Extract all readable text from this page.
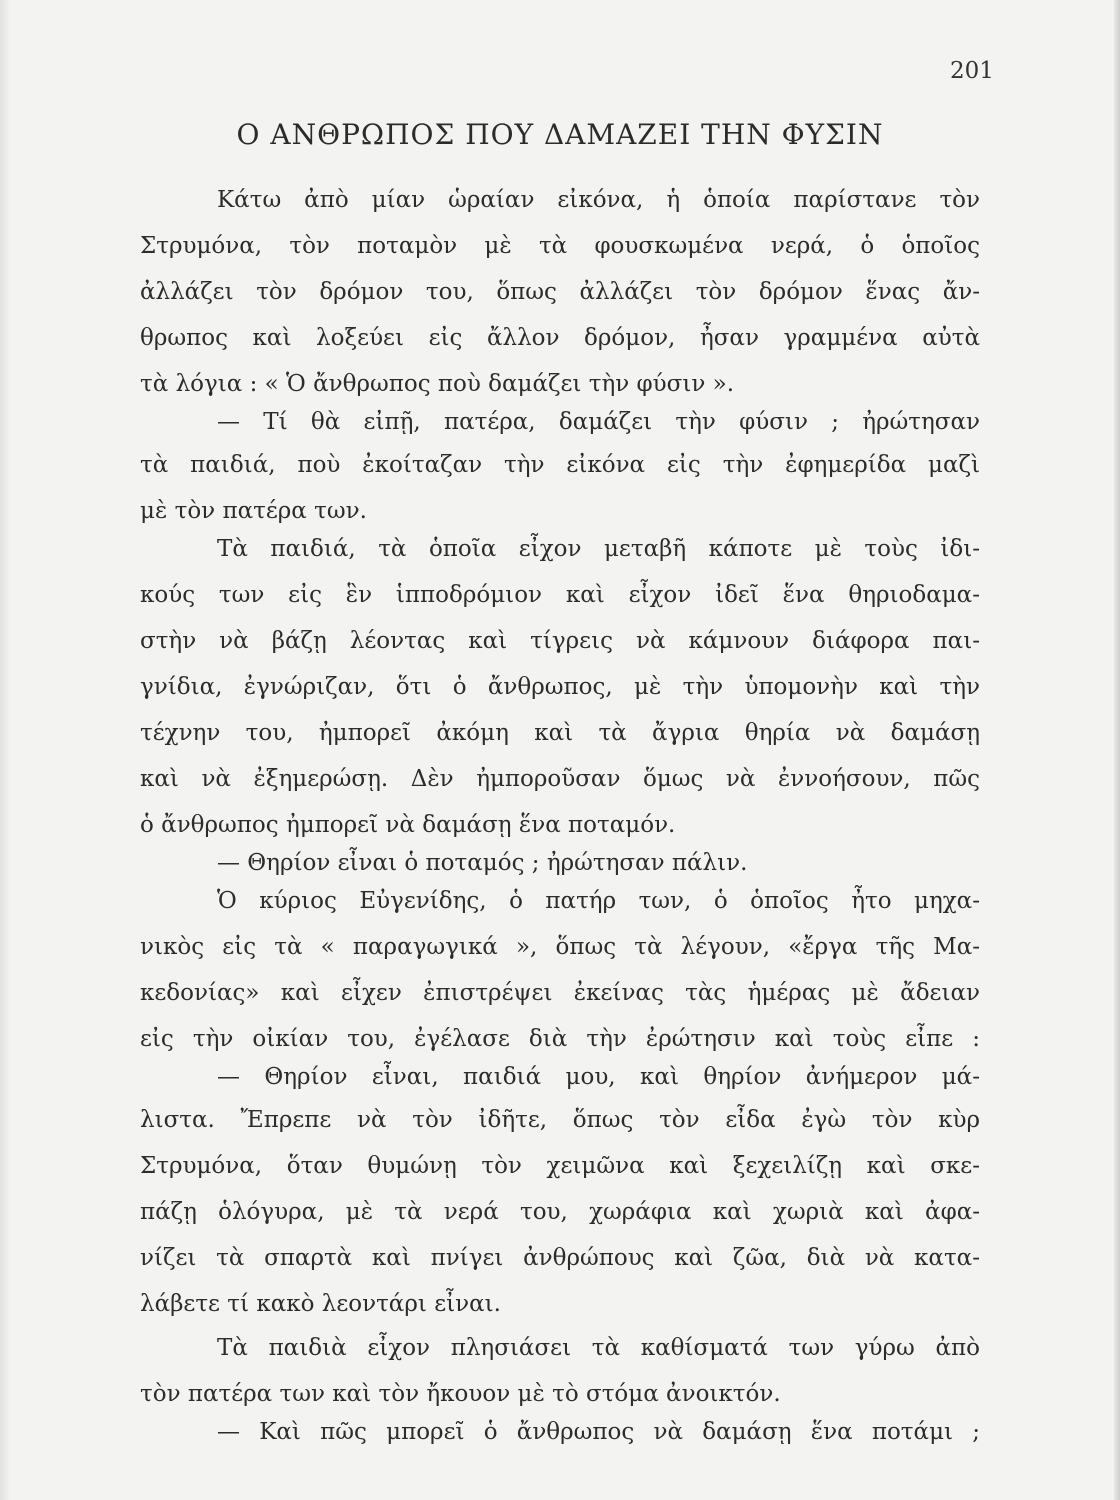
201
Ο ΑΝΘΡΩΠΟΣ ΠΟΥ ΔΑΜΑΖΕΙ ΤΗΝ ΦΥΣΙΝ
Κάτω ἀπὸ μίαν ὡραίαν εἰκόνα, ἡ ὁποία παρίστανε τὸν
Στρυμόνα, τὸν ποταμὸν μὲ τὰ φουσκωμένα νερά, ὁ ὁποῖος
ἀλλάζει τὸν δρόμον του, ὅπως ἀλλάζει τὸν δρόμον ἕνας ἄν-
θρωπος καὶ λοξεύει εἰς ἄλλον δρόμον, ἦσαν γραμμένα αὐτὰ
τὰ λόγια : « Ὁ ἄνθρωπος ποὺ δαμάζει τὴν φύσιν ».
— Τί θὰ εἰπῇ, πατέρα, δαμάζει τὴν φύσιν ; ἠρώτησαν
τὰ παιδιά, ποὺ ἐκοίταζαν τὴν εἰκόνα εἰς τὴν ἐφημερίδα μαζὶ
μὲ τὸν πατέρα των.
Τὰ παιδιά, τὰ ὁποῖα εἶχον μεταβῆ κάποτε μὲ τοὺς ἰδι-
κούς των εἰς ἓν ἱπποδρόμιον καὶ εἶχον ἰδεῖ ἕνα θηριοδαμα-
στὴν νὰ βάζῃ λέοντας καὶ τίγρεις νὰ κάμνουν διάφορα παι-
γνίδια, ἐγνώριζαν, ὅτι ὁ ἄνθρωπος, μὲ τὴν ὑπομονὴν καὶ τὴν
τέχνην του, ἠμπορεῖ ἀκόμη καὶ τὰ ἄγρια θηρία νὰ δαμάσῃ
καὶ νὰ ἐξημερώσῃ. Δὲν ἠμποροῦσαν ὅμως νὰ ἐννοήσουν, πῶς
ὁ ἄνθρωπος ἠμπορεῖ νὰ δαμάσῃ ἕνα ποταμόν.
— Θηρίον εἶναι ὁ ποταμός ; ἠρώτησαν πάλιν.
Ὁ κύριος Εὐγενίδης, ὁ πατήρ των, ὁ ὁποῖος ἦτο μηχα-
νικὸς εἰς τὰ « παραγωγικά », ὅπως τὰ λέγουν, «ἔργα τῆς Μα-
κεδονίας» καὶ εἶχεν ἐπιστρέψει ἐκείνας τὰς ἡμέρας μὲ ἄδειαν
εἰς τὴν οἰκίαν του, ἐγέλασε διὰ τὴν ἐρώτησιν καὶ τοὺς εἶπε :
— Θηρίον εἶναι, παιδιά μου, καὶ θηρίον ἀνήμερον μά-
λιστα. Ἔπρεπε νὰ τὸν ἰδῆτε, ὅπως τὸν εἶδα ἐγὼ τὸν κὺρ
Στρυμόνα, ὅταν θυμώνῃ τὸν χειμῶνα καὶ ξεχειλίζῃ καὶ σκε-
πάζῃ ὁλόγυρα, μὲ τὰ νερά του, χωράφια καὶ χωριὰ καὶ ἀφα-
νίζει τὰ σπαρτὰ καὶ πνίγει ἀνθρώπους καὶ ζῶα, διὰ νὰ κατα-
λάβετε τί κακὸ λεοντάρι εἶναι.
Τὰ παιδιὰ εἶχον πλησιάσει τὰ καθίσματά των γύρω ἀπὸ
τὸν πατέρα των καὶ τὸν ἤκουον μὲ τὸ στόμα ἀνοικτόν.
— Καὶ πῶς μπορεῖ ὁ ἄνθρωπος νὰ δαμάσῃ ἕνα ποτάμι ;
